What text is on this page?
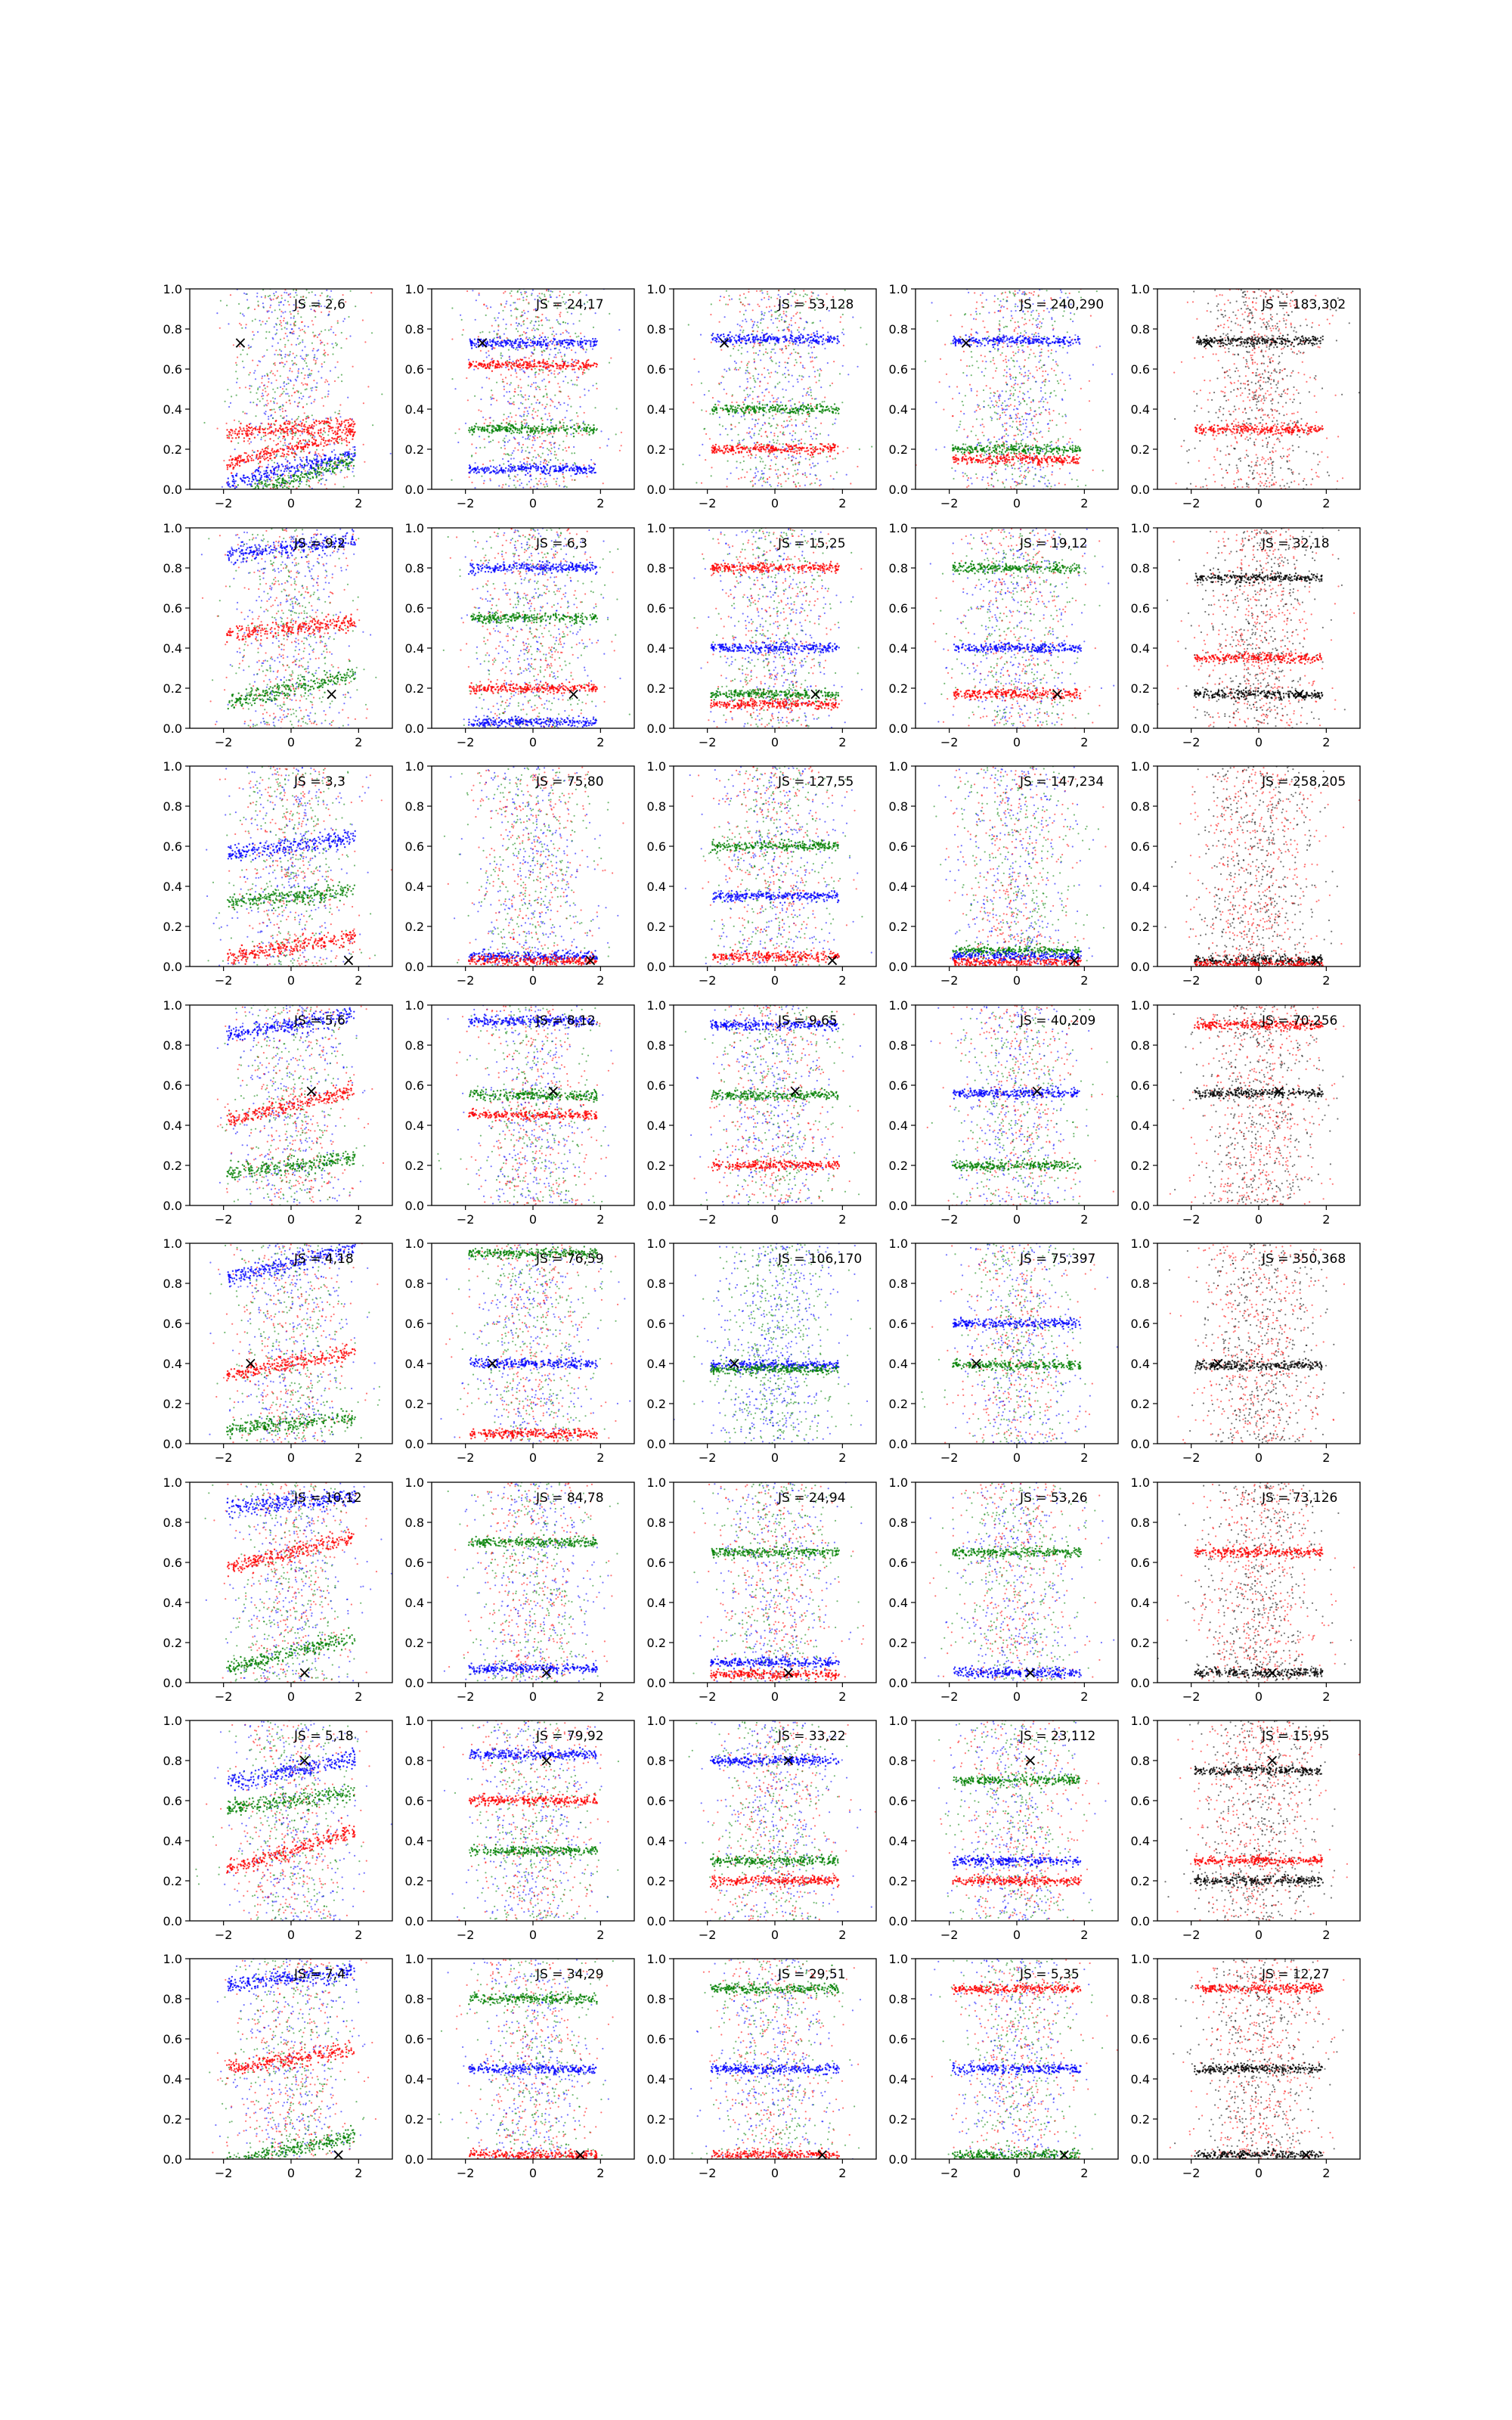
×
−2	0	2
0.0
0.2
0.4
0.6
0.8
1.0
JS = 2,6
×
−2	0	2
0.0
0.2
0.4
0.6
0.8
1.0
JS = 24,17
×
−2	0	2
0.0
0.2
0.4
0.6
0.8
1.0
JS = 53,128
×
−2	0	2
0.0
0.2
0.4
0.6
0.8
1.0
JS = 240,290
×
−2	0	2
0.0
0.2
0.4
0.6
0.8
1.0
JS = 183,302
×
−2	0	2
0.0
0.2
0.4
0.6
0.8
1.0
JS = 9,2
×
−2	0	2
0.0
0.2
0.4
0.6
0.8
1.0
JS = 6,3
×
−2	0	2
0.0
0.2
0.4
0.6
0.8
1.0
JS = 15,25
×
−2	0	2
0.0
0.2
0.4
0.6
0.8
1.0
JS = 19,12
×
−2	0	2
0.0
0.2
0.4
0.6
0.8
1.0
JS = 32,18
×
−2	0	2
0.0
0.2
0.4
0.6
0.8
1.0
JS = 3,3
×
−2	0	2
0.0
0.2
0.4
0.6
0.8
1.0
JS = 75,80
×
−2	0	2
0.0
0.2
0.4
0.6
0.8
1.0
JS = 127,55
×
−2	0	2
0.0
0.2
0.4
0.6
0.8
1.0
JS = 147,234
×
−2	0	2
0.0
0.2
0.4
0.6
0.8
1.0
JS = 258,205
×
−2	0	2
0.0
0.2
0.4
0.6
0.8
1.0
JS = 5,6
×
−2	0	2
0.0
0.2
0.4
0.6
0.8
1.0
JS = 8,12
×
−2	0	2
0.0
0.2
0.4
0.6
0.8
1.0
JS = 9,65
×
−2	0	2
0.0
0.2
0.4
0.6
0.8
1.0
JS = 40,209
×
−2	0	2
0.0
0.2
0.4
0.6
0.8
1.0
JS = 70,256
×
−2	0	2
0.0
0.2
0.4
0.6
0.8
1.0
JS = 4,18
×
−2	0	2
0.0
0.2
0.4
0.6
0.8
1.0
JS = 76,59
×
−2	0	2
0.0
0.2
0.4
0.6
0.8
1.0
JS = 106,170
×
−2	0	2
0.0
0.2
0.4
0.6
0.8
1.0
JS = 75,397
×
−2	0	2
0.0
0.2
0.4
0.6
0.8
1.0
JS = 350,368
×
−2	0	2
0.0
0.2
0.4
0.6
0.8
1.0
JS = 10,12
×
−2	0	2
0.0
0.2
0.4
0.6
0.8
1.0
JS = 84,78
×
−2	0	2
0.0
0.2
0.4
0.6
0.8
1.0
JS = 24,94
×
−2	0	2
0.0
0.2
0.4
0.6
0.8
1.0
JS = 53,26
×
−2	0	2
0.0
0.2
0.4
0.6
0.8
1.0
JS = 73,126
×
−2	0	2
0.0
0.2
0.4
0.6
0.8
1.0
JS = 5,18
×
−2	0	2
0.0
0.2
0.4
0.6
0.8
1.0
JS = 79,92
×
−2	0	2
0.0
0.2
0.4
0.6
0.8
1.0
JS = 33,22
×
−2	0	2
0.0
0.2
0.4
0.6
0.8
1.0
JS = 23,112
×
−2	0	2
0.0
0.2
0.4
0.6
0.8
1.0
JS = 15,95
×
−2	0	2
0.0
0.2
0.4
0.6
0.8
1.0
JS = 7,4
×
−2	0	2
0.0
0.2
0.4
0.6
0.8
1.0
JS = 34,29
×
−2	0	2
0.0
0.2
0.4
0.6
0.8
1.0
JS = 29,51
×
−2	0	2
0.0
0.2
0.4
0.6
0.8
1.0
JS = 5,35
×
−2	0	2
0.0
0.2
0.4
0.6
0.8
1.0
JS = 12,27
